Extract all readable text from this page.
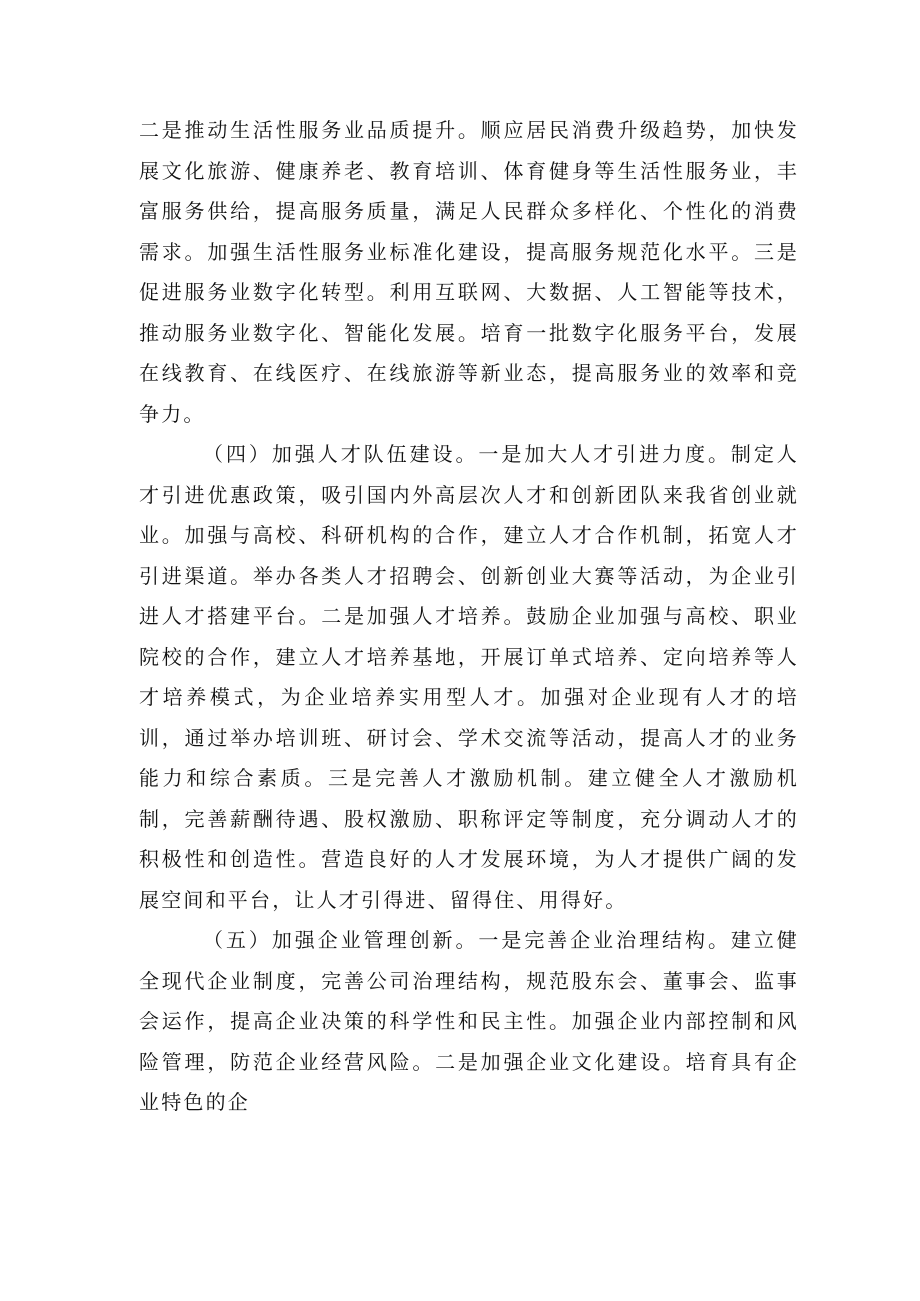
二是推动生活性服务业品质提升。顺应居民消费升级趋势，加快发展文化旅游、健康养老、教育培训、体育健身等生活性服务业，丰富服务供给，提高服务质量，满足人民群众多样化、个性化的消费需求。加强生活性服务业标准化建设，提高服务规范化水平。三是促进服务业数字化转型。利用互联网、大数据、人工智能等技术，推动服务业数字化、智能化发展。培育一批数字化服务平台，发展在线教育、在线医疗、在线旅游等新业态，提高服务业的效率和竞争力。

（四）加强人才队伍建设。一是加大人才引进力度。制定人才引进优惠政策，吸引国内外高层次人才和创新团队来我省创业就业。加强与高校、科研机构的合作，建立人才合作机制，拓宽人才引进渠道。举办各类人才招聘会、创新创业大赛等活动，为企业引进人才搭建平台。二是加强人才培养。鼓励企业加强与高校、职业院校的合作，建立人才培养基地，开展订单式培养、定向培养等人才培养模式，为企业培养实用型人才。加强对企业现有人才的培训，通过举办培训班、研讨会、学术交流等活动，提高人才的业务能力和综合素质。三是完善人才激励机制。建立健全人才激励机制，完善薪酬待遇、股权激励、职称评定等制度，充分调动人才的积极性和创造性。营造良好的人才发展环境，为人才提供广阔的发展空间和平台，让人才引得进、留得住、用得好。

（五）加强企业管理创新。一是完善企业治理结构。建立健全现代企业制度，完善公司治理结构，规范股东会、董事会、监事会运作，提高企业决策的科学性和民主性。加强企业内部控制和风险管理，防范企业经营风险。二是加强企业文化建设。培育具有企业特色的企
